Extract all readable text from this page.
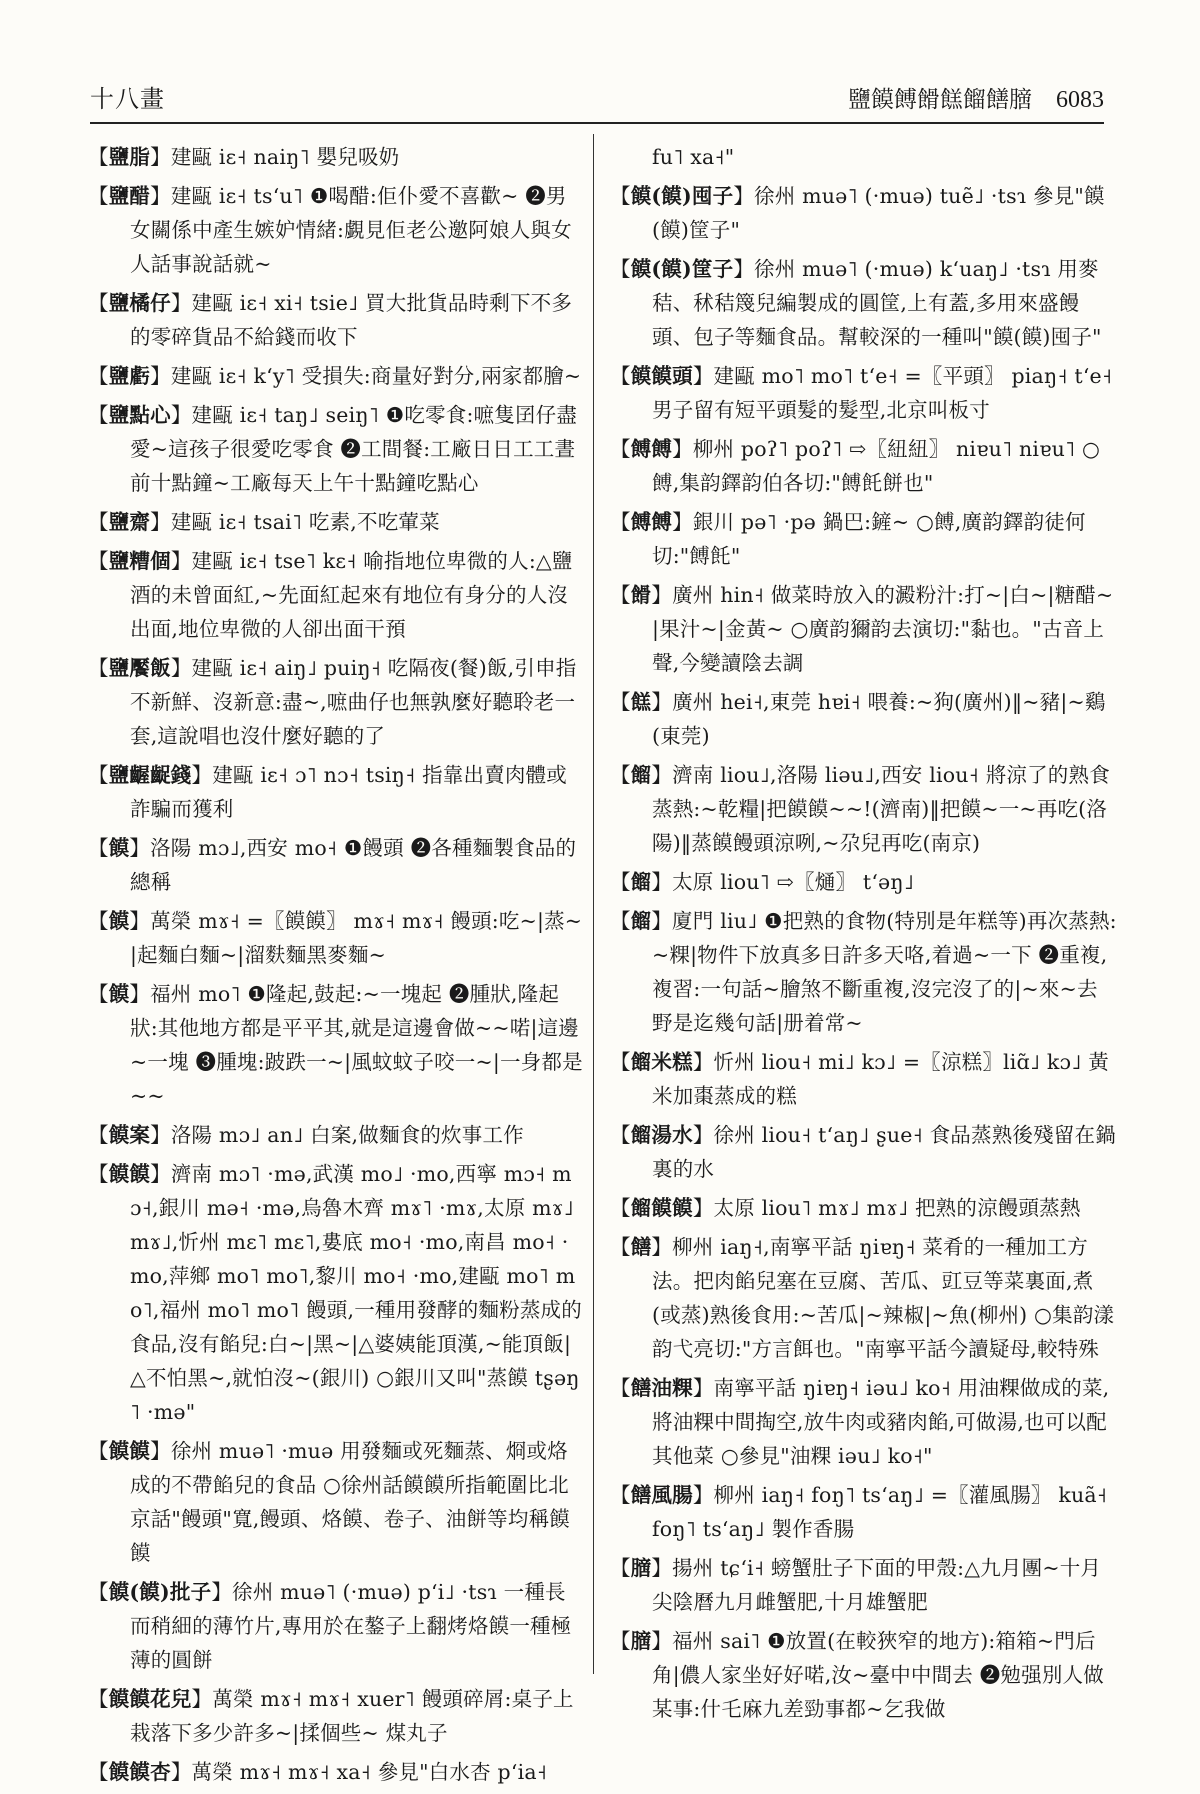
十八畫	鹽饃餺餶餻餾饍膪 6083

【 鹽脂 】 建甌 iɛ˧ naiŋ˥ 嬰兒吸奶

【 鹽醋 】 建甌 iɛ˧ tsʻu˥ ❶喝醋:佢仆愛不喜歡~ ❷男女關係中產生嫉妒情緒:覷見佢老公邀阿娘人與女人話事說話就~

【 鹽橘仔 】 建甌 iɛ˧ xi˧ tsie˩ 買大批貨品時剩下不多的零碎貨品不給錢而收下

【 鹽虧 】 建甌 iɛ˧ kʻy˥ 受損失:商量好對分,兩家都膾~

【 鹽點心 】 建甌 iɛ˧ taŋ˩ seiŋ˥ ❶吃零食:嗻隻囝仔盡愛~這孩子很愛吃零食 ❷工間餐:工廠日日工工晝前十點鐘~工廠每天上午十點鐘吃點心

【 鹽齋 】 建甌 iɛ˧ tsai˥ 吃素,不吃葷菜

【 鹽糟個 】 建甌 iɛ˧ tse˥ kɛ˧ 喻指地位卑微的人:△鹽酒的未曾面紅,~先面紅起來有地位有身分的人沒出面,地位卑微的人卻出面干預

【 鹽饜飯 】 建甌 iɛ˧ aiŋ˩ puiŋ˧ 吃隔夜(餐)飯,引申指不新鮮、沒新意:盡~,嗻曲仔也無孰麼好聽聆老一套,這說唱也沒什麼好聽的了

【 鹽齷齪錢 】 建甌 iɛ˧ ɔ˥ nɔ˧ tsiŋ˧ 指靠出賣肉體或詐騙而獲利

【 饃 】 洛陽 mɔ˩,西安 mo˧ ❶饅頭 ❷各種麵製食品的總稱

【 饃 】 萬榮 mɤ˧ =〖饃饃〗 mɤ˧ mɤ˧ 饅頭:吃~|蒸~|起麵白麵~|溜麩麵黑麥麵~

【 饃 】 福州 mo˥ ❶隆起,鼓起:~一塊起 ❷腫狀,隆起狀:其他地方都是平平其,就是這邊會做~~喏|這邊~一塊 ❸腫塊:跛跌一~|風蚊蚊子咬一~|一身都是~~

【 饃案 】 洛陽 mɔ˩ an˩ 白案,做麵食的炊事工作

【 饃饃 】 濟南 mɔ˥ ·mə,武漢 mo˩ ·mo,西寧 mɔ˧ mɔ˧,銀川 mə˧ ·mə,烏魯木齊 mɤ˥ ·mɤ,太原 mɤ˩ mɤ˩,忻州 mɛ˥ mɛ˥,婁底 mo˧ ·mo,南昌 mo˧ ·mo,萍鄉 mo˥ mo˥,黎川 mo˧ ·mo,建甌 mo˥ mo˥,福州 mo˥ mo˥ 饅頭,一種用發酵的麵粉蒸成的食品,沒有餡兒:白~|黑~|△婆姨能頂漢,~能頂飯|△不怕黑~,就怕沒~(銀川) ○銀川又叫"蒸饃 tʂəŋ˥ ·mə"

【 饃饃 】 徐州 muə˥ ·muə 用發麵或死麵蒸、烱或烙成的不帶餡兒的食品 ○徐州話饃饃所指範圍比北京話"饅頭"寬,饅頭、烙饃、卷子、油餅等均稱饃饃

【 饃(饃)批子 】 徐州 muə˥ (·muə) pʻi˩ ·tsɿ 一種長而稍細的薄竹片,專用於在鏊子上翻烤烙饃一種極薄的圓餅

【 饃饃花兒 】 萬榮 mɤ˧ mɤ˧ xuer˥ 饅頭碎屑:桌子上栽落下多少許多~|揉個些~ 煤丸子

【 饃饃杏 】 萬榮 mɤ˧ mɤ˧ xa˧ 參見"白水杏 pʻia˧

fu˥ xa˧"

【 饃(饃)囤子 】 徐州 muə˥ (·muə) tuẽ˩ ·tsɿ 參見"饃(饃)筐子"

【 饃(饃)筐子 】 徐州 muə˥ (·muə) kʻuaŋ˩ ·tsɿ 用麥秸、秫秸篾兒編製成的圓筐,上有蓋,多用來盛饅頭、包子等麵食品。幫較深的一種叫"饃(饃)囤子"

【 饃饃頭 】 建甌 mo˥ mo˥ tʻe˧ =〖平頭〗 piaŋ˧ tʻe˧ 男子留有短平頭髮的髮型,北京叫板寸

【 餺餺 】 柳州 poʔ˥ poʔ˥ ⇨〖紐紐〗 niɐu˥ niɐu˥ ○餺,集韵鐸韵伯各切:"餺飥餅也"

【 餺餺 】 銀川 pə˥ ·pə 鍋巴:鏟~ ○餺,廣韵鐸韵徒何切:"餺飥"

【 餶 】 廣州 hin˧ 做菜時放入的澱粉汁:打~|白~|糖醋~|果汁~|金黃~ ○廣韵獮韵去演切:"黏也。"古音上聲,今變讀陰去調

【 餻 】 廣州 hei˧,東莞 hɐi˧ 喂養:~狗(廣州)‖~豬|~鷄(東莞)

【 餾 】 濟南 liou˩,洛陽 liəu˩,西安 liou˧ 將涼了的熟食蒸熱:~乾糧|把饃饃~~!(濟南)‖把饃~一~再吃(洛陽)‖蒸饃饅頭涼咧,~尕兒再吃(南京)

【 餾 】 太原 liou˥ ⇨〖熥〗 tʻəŋ˩

【 餾 】 廈門 liu˩ ❶把熟的食物(特別是年糕等)再次蒸熱:~粿|物件下放真多日許多天咯,着過~一下 ❷重複,複習:一句話~膾煞不斷重複,沒完沒了的|~來~去野是迄幾句話|册着常~

【 餾米糕 】 忻州 liou˧ mi˩ kɔ˩ =〖涼糕〗liɑ̃˩ kɔ˩ 黃米加棗蒸成的糕

【 餾湯水 】 徐州 liou˧ tʻaŋ˩ ʂue˧ 食品蒸熟後殘留在鍋裏的水

【 餾饃饃 】 太原 liou˥ mɤ˩ mɤ˩ 把熟的涼饅頭蒸熱

【 饍 】 柳州 iaŋ˧,南寧平話 ŋiɐŋ˧ 菜肴的一種加工方法。把肉餡兒塞在豆腐、苦瓜、豇豆等菜裏面,煮(或蒸)熟後食用:~苦瓜|~辣椒|~魚(柳州) ○集韵漾韵弋亮切:"方言餌也。"南寧平話今讀疑母,較特殊

【 饍油粿 】 南寧平話 ŋiɐŋ˧ iəu˩ ko˧ 用油粿做成的菜,將油粿中間掏空,放牛肉或豬肉餡,可做湯,也可以配其他菜 ○參見"油粿 iəu˩ ko˧"

【 饍風腸 】 柳州 iaŋ˧ foŋ˥ tsʻaŋ˩ =〖灌風腸〗 kuã˧ foŋ˥ tsʻaŋ˩ 製作香腸

【 膪 】 揚州 tɕʻi˧ 螃蟹肚子下面的甲殼:△九月團~十月尖陰曆九月雌蟹肥,十月雄蟹肥

【 膪 】 福州 sai˥ ❶放置(在較狹窄的地方):箱箱~門后角|儂人家坐好好喏,汝~臺中中間去 ❷勉强別人做某事:什乇麻九差勁事都~乞我做
